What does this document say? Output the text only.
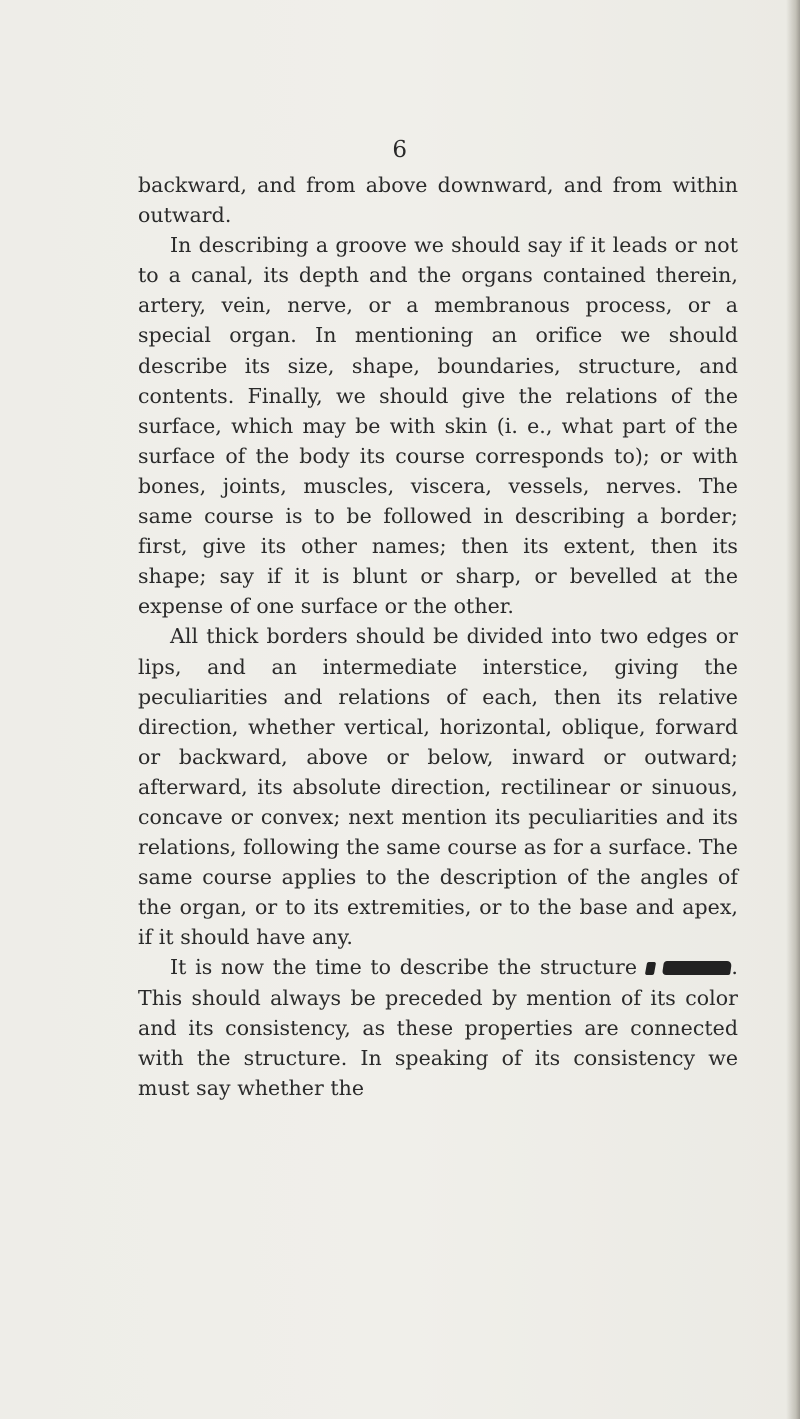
6

backward, and from above downward, and from within outward.

In describing a groove we should say if it leads or not to a canal, its depth and the organs contained therein, artery, vein, nerve, or a membranous process, or a special organ. In mentioning an orifice we should describe its size, shape, boundaries, structure, and contents. Finally, we should give the relations of the surface, which may be with skin (i. e., what part of the surface of the body its course corresponds to); or with bones, joints, muscles, viscera, vessels, nerves. The same course is to be followed in describing a border; first, give its other names; then its extent, then its shape; say if it is blunt or sharp, or bevelled at the expense of one surface or the other.

All thick borders should be divided into two edges or lips, and an intermediate interstice, giving the peculiarities and relations of each, then its relative direction, whether vertical, horizontal, oblique, forward or backward, above or below, inward or outward; afterward, its absolute direction, rectilinear or sinuous, concave or convex; next mention its peculiarities and its relations, following the same course as for a surface. The same course applies to the description of the angles of the organ, or to its extremities, or to the base and apex, if it should have any.

It is now the time to describe the structure	. This should always be preceded by mention of its color and its consistency, as these properties are connected with the structure. In speaking of its consistency we must say whether the
